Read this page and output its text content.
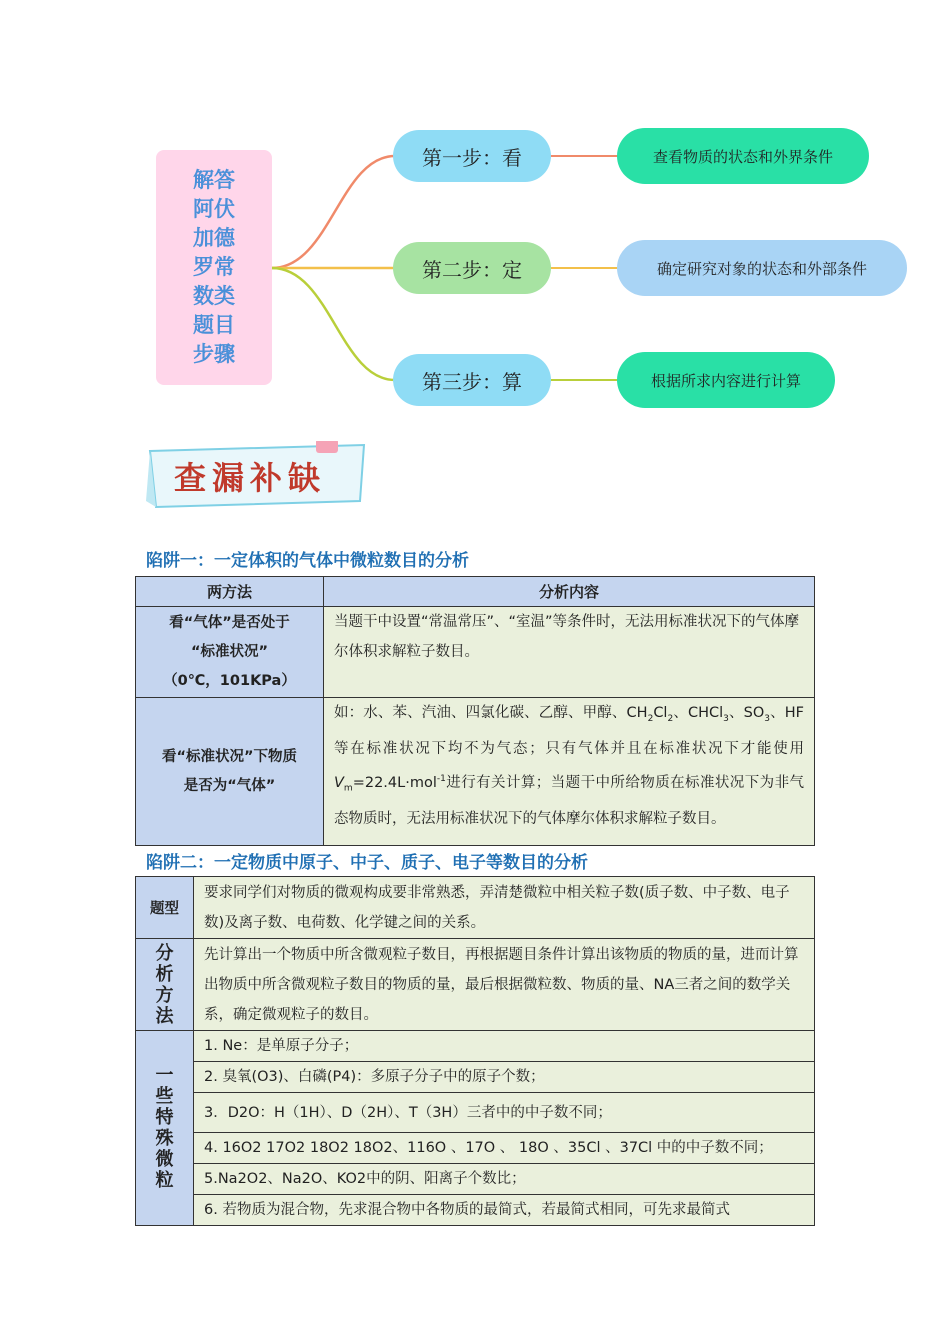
解答阿伏加德罗常数类题目步骤
第一步：看
第二步：定
第三步：算
查看物质的状态和外界条件
确定研究对象的状态和外部条件
根据所求内容进行计算
查漏补缺
陷阱一：一定体积的气体中微粒数目的分析
两方法	分析内容

看“气体”是否处于
“标准状况”
（0℃，101KPa）	当题干中设置“常温常压”、“室温”等条件时，无法用标准状况下的气体摩尔体积求解粒子数目。

看“标准状况”下物质
是否为“气体”	如：水、苯、汽油、四氯化碳、乙醇、甲醇、$CH_2Cl_2$、CHCl$_3$、$SO_3$、HF 等在标准状况下均不为气态；只有气体并且在标准状况下才能使用 $V_m=22.4L\cdot mol^{-1}$进行有关计算；当题干中所给物质在标准状况下为非气态物质时，无法用标准状况下的气体摩尔体积求解粒子数目。
陷阱二：一定物质中原子、中子、质子、电子等数目的分析
题型	要求同学们对物质的微观构成要非常熟悉，弄清楚微粒中相关粒子数(质子数、中子数、电子数)及离子数、电荷数、化学键之间的关系。
分析方法	先计算出一个物质中所含微观粒子数目，再根据题目条件计算出该物质的物质的量，进而计算出物质中所含微观粒子数目的物质的量，最后根据微粒数、物质的量、NA三者之间的数学关系，确定微观粒子的数目。
一些特殊微粒	1. Ne：是单原子分子；
	2. 臭氧(O3)、白磷(P4)：多原子分子中的原子个数；
	3．D2O：H（1H）、D（2H）、T（3H）三者中的中子数不同；
	4. 16O2 17O2 18O2 18O2、116O 、17O 、 18O 、35Cl 、37Cl 中的中子数不同；
	5.Na2O2、Na2O、KO2中的阴、阳离子个数比；
	6. 若物质为混合物，先求混合物中各物质的最简式，若最简式相同，可先求最简式
